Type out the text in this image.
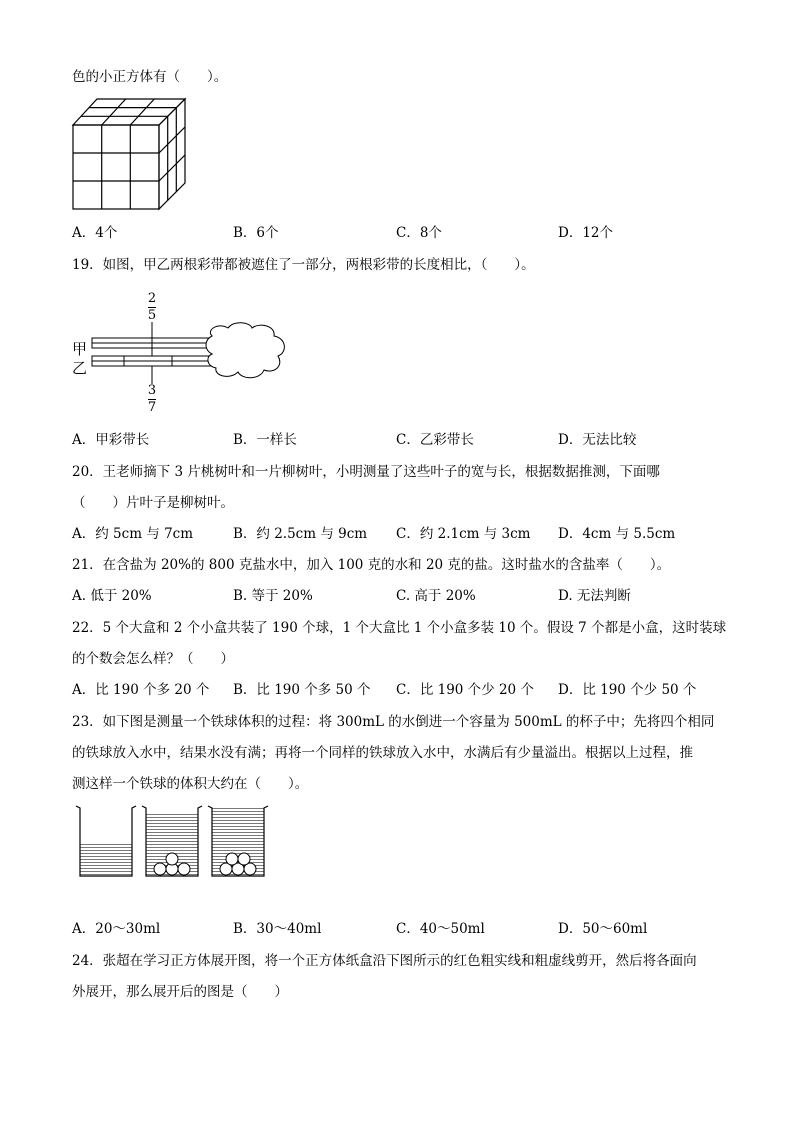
色的小正方体有（　　）。
A．4个	B．6个	C．8个	D．12个
19．如图，甲乙两根彩带都被遮住了一部分，两根彩带的长度相比，（　　）。
2
5
甲
乙
3
7
A．甲彩带长	B．一样长	C．乙彩带长	D．无法比较
20．王老师摘下 3 片桃树叶和一片柳树叶，小明测量了这些叶子的宽与长，根据数据推测，下面哪
（　　）片叶子是柳树叶。
A．约 5cm 与 7cm	B．约 2.5cm 与 9cm C．约 2.1cm 与 3cm D．4cm 与 5.5cm
21．在含盐为 20%的 800 克盐水中，加入 100 克的水和 20 克的盐。这时盐水的含盐率（　　）。
A. 低于 20%	B. 等于 20%	C. 高于 20%	D. 无法判断
22．5 个大盒和 2 个小盒共装了 190 个球，1 个大盒比 1 个小盒多装 10 个。假设 7 个都是小盒，这时装球
的个数会怎么样？（　　）
A．比 190 个多 20 个 B．比 190 个多 50 个 C．比 190 个少 20 个 D．比 190 个少 50 个
23．如下图是测量一个铁球体积的过程：将 300mL 的水倒进一个容量为 500mL 的杯子中；先将四个相同
的铁球放入水中，结果水没有满；再将一个同样的铁球放入水中，水满后有少量溢出。根据以上过程，推
测这样一个铁球的体积大约在（　　）。
A．20～30ml	B．30～40ml	C．40～50ml	D．50～60ml
24．张超在学习正方体展开图，将一个正方体纸盒沿下图所示的红色粗实线和粗虚线剪开，然后将各面向
外展开，那么展开后的图是（　　）
